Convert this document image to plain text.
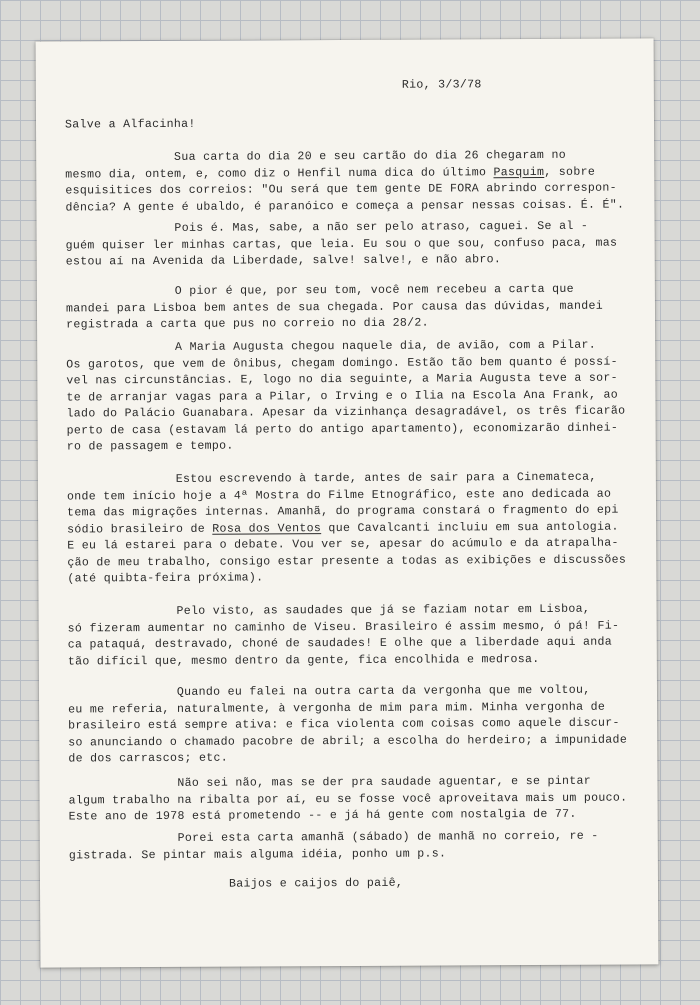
Rio, 3/3/78
Salve a Alfacinha!
Sua carta do dia 20 e seu cartão do dia 26 chegaram no
mesmo dia, ontem, e, como diz o Henfil numa dica do último Pasquim, sobre
esquisitices dos correios: "Ou será que tem gente DE FORA abrindo correspon-
dência? A gente é ubaldo, é paranóico e começa a pensar nessas coisas. É. É".
Pois é. Mas, sabe, a não ser pelo atraso, caguei. Se al -
guém quiser ler minhas cartas, que leia. Eu sou o que sou, confuso paca, mas
estou aí na Avenida da Liberdade, salve! salve!, e não abro.
O pior é que, por seu tom, você nem recebeu a carta que
mandei para Lisboa bem antes de sua chegada. Por causa das dúvidas, mandei
registrada a carta que pus no correio no dia 28/2.
A Maria Augusta chegou naquele dia, de avião, com a Pilar.
Os garotos, que vem de ônibus, chegam domingo. Estão tão bem quanto é possí-
vel nas circunstâncias. E, logo no dia seguinte, a Maria Augusta teve a sor-
te de arranjar vagas para a Pilar, o Irving e o Ilia na Escola Ana Frank, ao
lado do Palácio Guanabara. Apesar da vizinhança desagradável, os três ficarão
perto de casa (estavam lá perto do antigo apartamento), economizarão dinhei-
ro de passagem e tempo.
Estou escrevendo à tarde, antes de sair para a Cinemateca,
onde tem início hoje a 4ª Mostra do Filme Etnográfico, este ano dedicada ao
tema das migrações internas. Amanhã, do programa constará o fragmento do epi
sódio brasileiro de Rosa dos Ventos que Cavalcanti incluiu em sua antologia.
E eu lá estarei para o debate. Vou ver se, apesar do acúmulo e da atrapalha-
ção de meu trabalho, consigo estar presente a todas as exibições e discussões
(até quibta-feira próxima).
Pelo visto, as saudades que já se faziam notar em Lisboa,
só fizeram aumentar no caminho de Viseu. Brasileiro é assim mesmo, ó pá! Fi-
ca pataquá, destravado, choné de saudades! E olhe que a liberdade aqui anda
tão difícil que, mesmo dentro da gente, fica encolhida e medrosa.
Quando eu falei na outra carta da vergonha que me voltou,
eu me referia, naturalmente, à vergonha de mim para mim. Minha vergonha de
brasileiro está sempre ativa: e fica violenta com coisas como aquele discur-
so anunciando o chamado pacobre de abril; a escolha do herdeiro; a impunidade
de dos carrascos; etc.
Não sei não, mas se der pra saudade aguentar, e se pintar
algum trabalho na ribalta por aí, eu se fosse você aproveitava mais um pouco.
Este ano de 1978 está prometendo -- e já há gente com nostalgia de 77.
Porei esta carta amanhã (sábado) de manhã no correio, re -
gistrada. Se pintar mais alguma idéia, ponho um p.s.
Baijos e caijos do paiê,
